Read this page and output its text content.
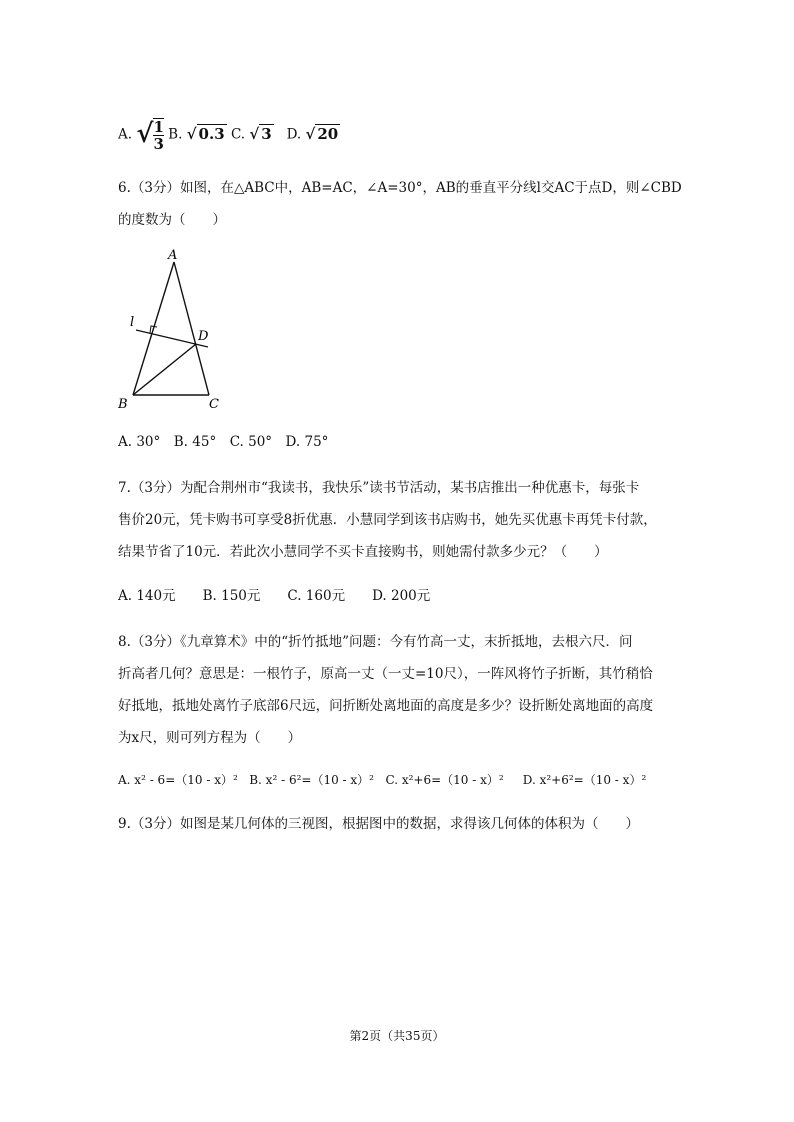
A. $√\frac{1}{3} B$. √ 0.3 C. √ 3 D. √ 20
6.（3分）如图，在△ABC中，AB=AC，∠A=30°，AB的垂直平分线l交AC于点D，则∠CBD
的度数为（　　）
A
l
D
B	C
A. 30°　B. 45°　C. 50°　D. 75°
7.（3分）为配合荆州市“我读书，我快乐”读书节活动，某书店推出一种优惠卡，每张卡
售价20元，凭卡购书可享受8折优惠．小慧同学到该书店购书，她先买优惠卡再凭卡付款，
结果节省了10元．若此次小慧同学不买卡直接购书，则她需付款多少元？（　　）
A. 140元　　B. 150元　　C. 160元　　D. 200元
8.（3分）《九章算术》中的“折竹抵地”问题：今有竹高一丈，末折抵地，去根六尺．问
折高者几何？意思是：一根竹子，原高一丈（一丈=10尺），一阵风将竹子折断，其竹稍恰
好抵地，抵地处离竹子底部6尺远，问折断处离地面的高度是多少？设折断处离地面的高度
为x尺，则可列方程为（　　）
A. x² - 6=（10 - x）² B. x² - 6²=（10 - x）² C. x²+6=（10 - x）² D. x²+6²=（10 - x）²
9.（3分）如图是某几何体的三视图，根据图中的数据，求得该几何体的体积为（　　）
第2页（共35页）
